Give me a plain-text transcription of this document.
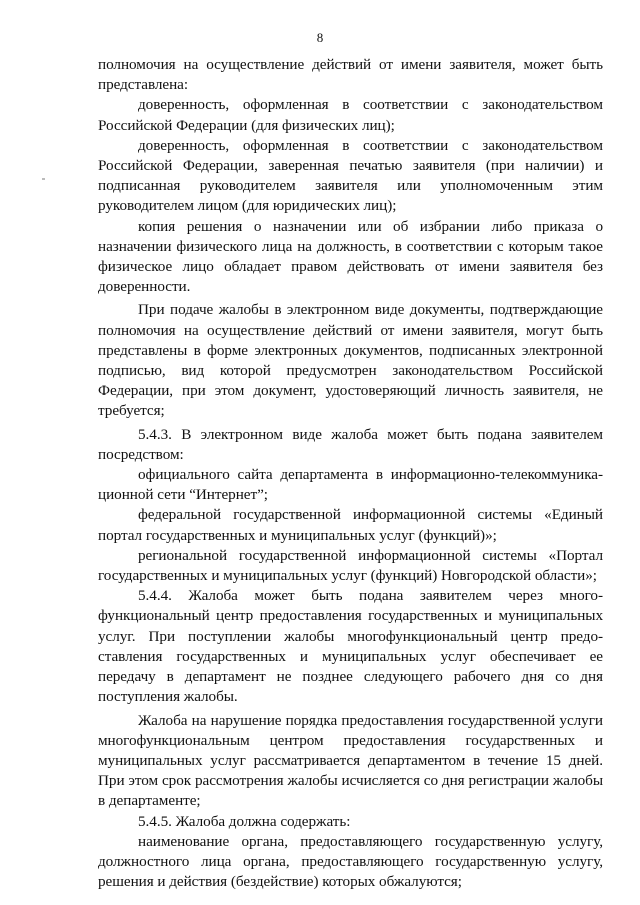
8

полномочия на осуществление действий от имени заявителя, может быть представлена:

доверенность, оформленная в соответствии с законодательством Российской Федерации (для физических лиц);

доверенность, оформленная в соответствии с законодательством Российской Федерации, заверенная печатью заявителя (при наличии) и подписанная руководителем заявителя или уполномоченным этим руководителем лицом (для юридических лиц);

копия решения о назначении или об избрании либо приказа о назначении физического лица на должность, в соответствии с которым такое физическое лицо обладает правом действовать от имени заявителя без доверенности.

При подаче жалобы в электронном виде документы, подтверждающие полномочия на осуществление действий от имени заявителя, могут быть представлены в форме электронных документов, подписанных электронной подписью, вид которой предусмотрен законодательством Российской Федерации, при этом документ, удостоверяющий личность заявителя, не требуется;

5.4.3. В электронном виде жалоба может быть подана заявителем посредством:

официального сайта департамента в информационно-телекоммуника-ционной сети “Интернет”;

федеральной государственной информационной системы «Единый портал государственных и муниципальных услуг (функций)»;

региональной государственной информационной системы «Портал государственных и муниципальных услуг (функций) Новгородской области»;

5.4.4. Жалоба может быть подана заявителем через много-функциональный центр предоставления государственных и муниципальных услуг. При поступлении жалобы многофункциональный центр предо-ставления государственных и муниципальных услуг обеспечивает ее передачу в департамент не позднее следующего рабочего дня со дня поступления жалобы.

Жалоба на нарушение порядка предоставления государственной услуги многофункциональным центром предоставления государственных и муниципальных услуг рассматривается департаментом в течение 15 дней. При этом срок рассмотрения жалобы исчисляется со дня регистрации жалобы в департаменте;

5.4.5. Жалоба должна содержать:

наименование органа, предоставляющего государственную услугу, должностного лица органа, предоставляющего государственную услугу, решения и действия (бездействие) которых обжалуются;
